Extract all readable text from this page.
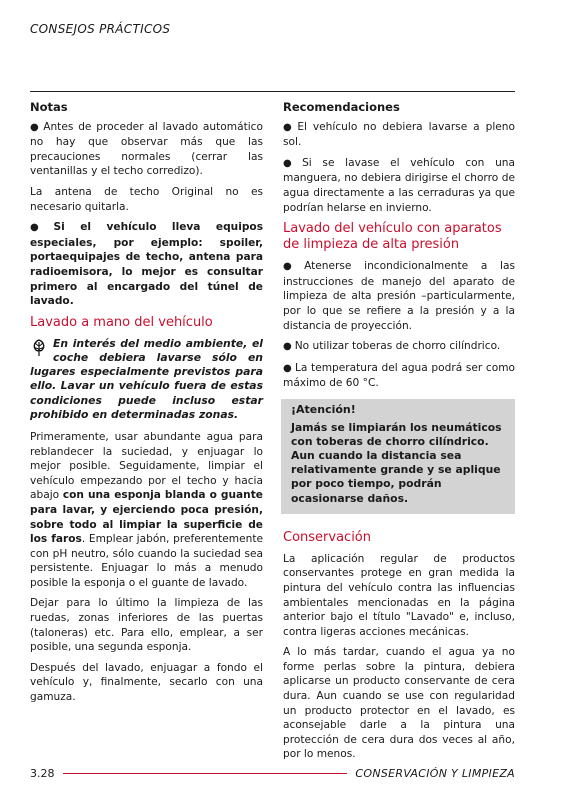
CONSEJOS PRÁCTICOS
Notas

● Antes de proceder al lavado automático no hay que observar más que las precauciones normales (cerrar las ventanillas y el techo corredizo).

La antena de techo Original no es necesario quitarla.

● Si el vehículo lleva equipos especiales, por ejemplo: spoiler, portaequipajes de techo, antena para radioemisora, lo mejor es consultar primero al encargado del túnel de lavado.

Lavado a mano del vehículo
En interés del medio ambiente, el coche debiera lavarse sólo en lugares especialmente previstos para ello. Lavar un vehículo fuera de estas condiciones puede incluso estar prohibido en determinadas zonas.

Primeramente, usar abundante agua para reblandecer la suciedad, y enjuagar lo mejor posible. Seguidamente, limpiar el vehículo empezando por el techo y hacia abajo con una esponja blanda o guante para lavar, y ejerciendo poca presión, sobre todo al limpiar la superficie de los faros. Emplear jabón, preferentemente con pH neutro, sólo cuando la suciedad sea persistente. Enjuagar lo más a menudo posible la esponja o el guante de lavado.

Dejar para lo último la limpieza de las ruedas, zonas inferiores de las puertas (taloneras) etc. Para ello, emplear, a ser posible, una segunda esponja.

Después del lavado, enjuagar a fondo el vehículo y, finalmente, secarlo con una gamuza.

Recomendaciones

● El vehículo no debiera lavarse a pleno sol.

● Si se lavase el vehículo con una manguera, no debiera dirigirse el chorro de agua directamente a las cerraduras ya que podrían helarse en invierno.

Lavado del vehículo con aparatos de limpieza de alta presión

● Atenerse incondicionalmente a las instrucciones de manejo del aparato de limpieza de alta presión –particularmente, por lo que se refiere a la presión y a la distancia de proyección.

● No utilizar toberas de chorro cilíndrico.

● La temperatura del agua podrá ser como máximo de 60 °C.

¡Atención!
Jamás se limpiarán los neumáticos con toberas de chorro cilíndrico. Aun cuando la distancia sea relativamente grande y se aplique por poco tiempo, podrán ocasionarse daños.
Conservación

La aplicación regular de productos conservantes protege en gran medida la pintura del vehículo contra las influencias ambientales mencionadas en la página anterior bajo el título "Lavado" e, incluso, contra ligeras acciones mecánicas.

A lo más tardar, cuando el agua ya no forme perlas sobre la pintura, debiera aplicarse un producto conservante de cera dura. Aun cuando se use con regularidad un producto protector en el lavado, es aconsejable darle a la pintura una protección de cera dura dos veces al año, por lo menos.

3.28	CONSERVACIÓN Y LIMPIEZA
